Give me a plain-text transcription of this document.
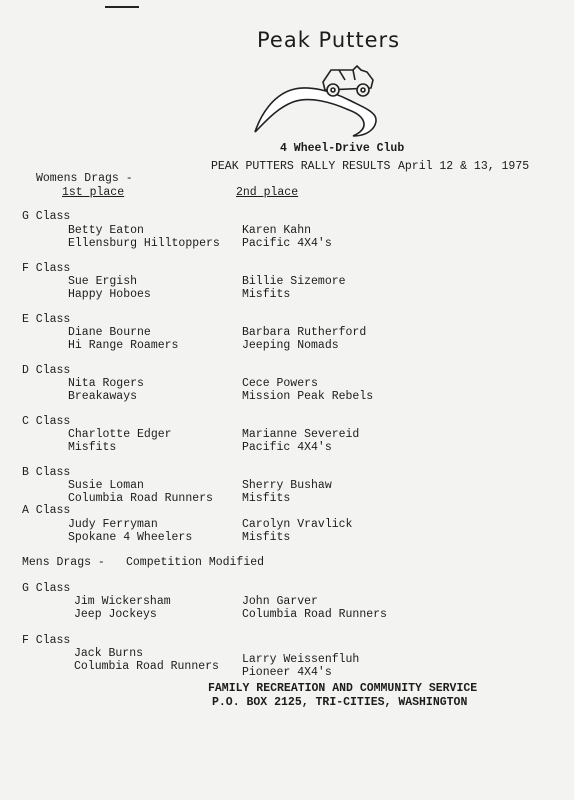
Peak Putters
4 Wheel-Drive Club
PEAK PUTTERS RALLY RESULTS April 12 & 13, 1975
Womens Drags -
1st place	2nd place
G Class
Betty Eaton
Ellensburg Hilltoppers
Karen Kahn
Pacific 4X4's
F Class
Sue Ergish
Happy Hoboes
Billie Sizemore
Misfits
E Class
Diane Bourne
Hi Range Roamers
Barbara Rutherford
Jeeping Nomads
D Class
Nita Rogers
Breakaways
Cece Powers
Mission Peak Rebels
C Class
Charlotte Edger
Misfits
Marianne Severeid
Pacific 4X4's
B Class
Susie Loman
Columbia Road Runners
Sherry Bushaw
Misfits
A Class
Judy Ferryman
Spokane 4 Wheelers
Carolyn Vravlick
Misfits
Mens Drags - Competition Modified
G Class
Jim Wickersham
Jeep Jockeys
John Garver
Columbia Road Runners
F Class
Jack Burns
Columbia Road Runners
Larry Weissenfluh
Pioneer 4X4's
FAMILY RECREATION AND COMMUNITY SERVICE
P.O. BOX 2125, TRI-CITIES, WASHINGTON
